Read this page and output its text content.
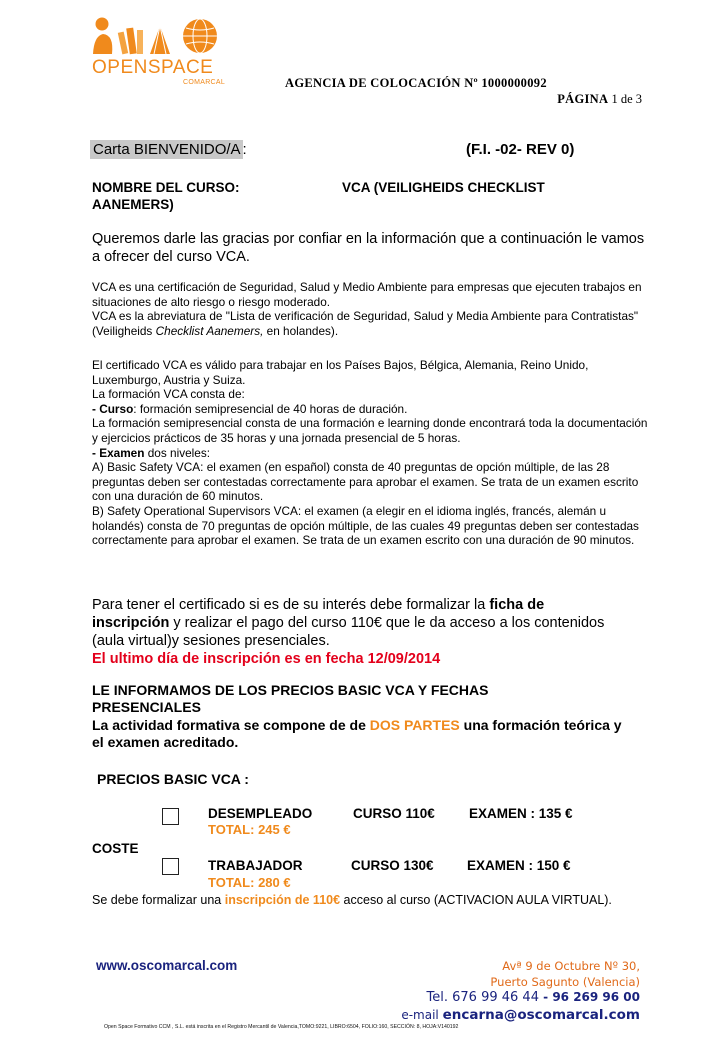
OPENSPACE
COMARCAL	AGENCIA DE COLOCACIÓN Nº 1000000092
PÁGINA 1 de 3
Carta BIENVENIDO/A :	(F.I. -02- REV 0)
NOMBRE DEL CURSO:	VCA (VEILIGHEIDS CHECKLIST
AANEMERS)
Queremos darle las gracias por confiar en la información que a continuación le vamos a ofrecer del curso VCA.
VCA es una certificación de Seguridad, Salud y Medio Ambiente para empresas que ejecuten trabajos en situaciones de alto riesgo o riesgo moderado.
VCA es la abreviatura de "Lista de verificación de Seguridad, Salud y Media Ambiente para Contratistas" (Veiligheids Checklist Aanemers, en holandes).
El certificado VCA es válido para trabajar en los Países Bajos, Bélgica, Alemania, Reino Unido, Luxemburgo, Austria y Suiza.
La formación VCA consta de:
- Curso: formación semipresencial de 40 horas de duración.
La formación semipresencial consta de una formación e learning donde encontrará toda la documentación y ejercicios prácticos de 35 horas y una jornada presencial de 5 horas.
- Examen dos niveles:
A) Basic Safety VCA: el examen (en español) consta de 40 preguntas de opción múltiple, de las 28 preguntas deben ser contestadas correctamente para aprobar el examen. Se trata de un examen escrito con una duración de 60 minutos.
B) Safety Operational Supervisors VCA: el examen (a elegir en el idioma inglés, francés, alemán u holandés) consta de 70 preguntas de opción múltiple, de las cuales 49 preguntas deben ser contestadas correctamente para aprobar el examen. Se trata de un examen escrito con una duración de 90 minutos.
Para tener el certificado si es de su interés debe formalizar la ficha de inscripción y realizar el pago del curso 110€ que le da acceso a los contenidos (aula virtual)y sesiones presenciales.
El ultimo día de inscripción es en fecha 12/09/2014
LE INFORMAMOS DE LOS PRECIOS BASIC VCA Y FECHAS PRESENCIALES
La actividad formativa se compone de de DOS PARTES una formación teórica y el examen acreditado.
PRECIOS BASIC VCA :
DESEMPLEADO	CURSO 110€	EXAMEN : 135 €
TOTAL: 245 €
COSTE
TRABAJADOR	CURSO 130€ EXAMEN : 150 €
TOTAL: 280 €
Se debe formalizar una inscripción de 110€ acceso al curso (ACTIVACION AULA VIRTUAL).
www.oscomarcal.com	Avª 9 de Octubre Nº 30,
Puerto Sagunto (Valencia)
Tel. 676 99 46 44 - 96 269 96 00
e-mail encarna@oscomarcal.com
Open Space Formativo CCM , S.L. está inscrita en el Registro Mercantil de Valencia,TOMO:9221, LIBRO:6504, FOLIO:160, SECCIÓN: 8, HOJA:V140192
